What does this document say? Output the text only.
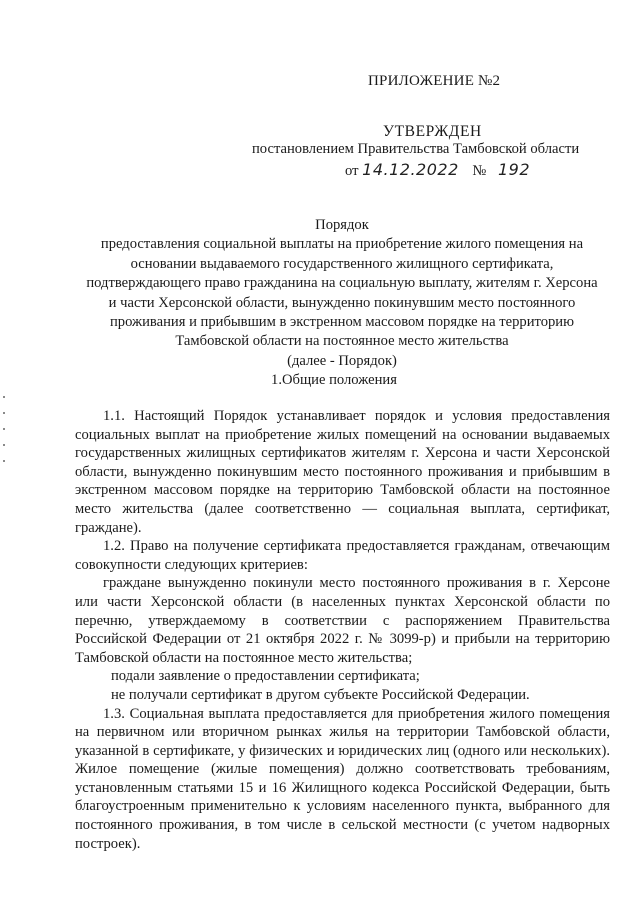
ПРИЛОЖЕНИЕ №2
УТВЕРЖДЕН
постановлением Правительства Тамбовской области
от 14.12.2022 № 192
Порядок
предоставления социальной выплаты на приобретение жилого помещения на
основании выдаваемого государственного жилищного сертификата,
подтверждающего право гражданина на социальную выплату, жителям г. Херсона
и части Херсонской области, вынужденно покинувшим место постоянного
проживания и прибывшим в экстренном массовом порядке на территорию
Тамбовской области на постоянное место жительства
(далее - Порядок)
1.Общие положения

1.1. Настоящий Порядок устанавливает порядок и условия предоставления социальных выплат на приобретение жилых помещений на основании выдаваемых государственных жилищных сертификатов жителям г. Херсона и части Херсонской области, вынужденно покинувшим место постоянного проживания и прибывшим в экстренном массовом порядке на территорию Тамбовской области на постоянное место жительства (далее соответственно — социальная выплата, сертификат, граждане).

1.2. Право на получение сертификата предоставляется гражданам, отвечающим совокупности следующих критериев:

граждане вынужденно покинули место постоянного проживания в г. Херсоне или части Херсонской области (в населенных пунктах Херсонской области по перечню, утверждаемому в соответствии с распоряжением Правительства Российской Федерации от 21 октября 2022 г. № 3099-р) и прибыли на территорию Тамбовской области на постоянное место жительства;

подали заявление о предоставлении сертификата;

не получали сертификат в другом субъекте Российской Федерации.

1.3. Социальная выплата предоставляется для приобретения жилого помещения на первичном или вторичном рынках жилья на территории Тамбовской области, указанной в сертификате, у физических и юридических лиц (одного или нескольких). Жилое помещение (жилые помещения) должно соответствовать требованиям, установленным статьями 15 и 16 Жилищного кодекса Российской Федерации, быть благоустроенным применительно к условиям населенного пункта, выбранного для постоянного проживания, в том числе в сельской местности (с учетом надворных построек).
